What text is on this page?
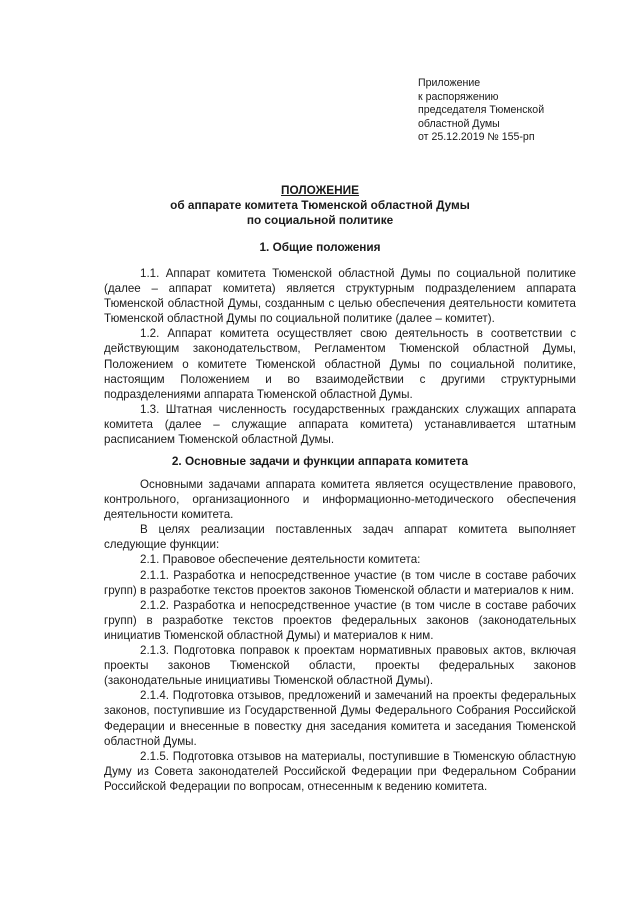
Приложение
к распоряжению
председателя Тюменской
областной Думы
от 25.12.2019 № 155-рп
ПОЛОЖЕНИЕ
об аппарате комитета Тюменской областной Думы
по социальной политике
1. Общие положения

1.1. Аппарат комитета Тюменской областной Думы по социальной политике (далее – аппарат комитета) является структурным подразделением аппарата Тюменской областной Думы, созданным с целью обеспечения деятельности комитета Тюменской областной Думы по социальной политике (далее – комитет).

1.2. Аппарат комитета осуществляет свою деятельность в соответствии с действующим законодательством, Регламентом Тюменской областной Думы, Положением о комитете Тюменской областной Думы по социальной политике, настоящим Положением и во взаимодействии с другими структурными подразделениями аппарата Тюменской областной Думы.

1.3. Штатная численность государственных гражданских служащих аппарата комитета (далее – служащие аппарата комитета) устанавливается штатным расписанием Тюменской областной Думы.

2. Основные задачи и функции аппарата комитета

Основными задачами аппарата комитета является осуществление правового, контрольного, организационного и информационно-методического обеспечения деятельности комитета.

В целях реализации поставленных задач аппарат комитета выполняет следующие функции:

2.1. Правовое обеспечение деятельности комитета:

2.1.1. Разработка и непосредственное участие (в том числе в составе рабочих групп) в разработке текстов проектов законов Тюменской области и материалов к ним.

2.1.2. Разработка и непосредственное участие (в том числе в составе рабочих групп) в разработке текстов проектов федеральных законов (законодательных инициатив Тюменской областной Думы) и материалов к ним.

2.1.3. Подготовка поправок к проектам нормативных правовых актов, включая проекты законов Тюменской области, проекты федеральных законов (законодательные инициативы Тюменской областной Думы).

2.1.4. Подготовка отзывов, предложений и замечаний на проекты федеральных законов, поступившие из Государственной Думы Федерального Собрания Российской Федерации и внесенные в повестку дня заседания комитета и заседания Тюменской областной Думы.

2.1.5. Подготовка отзывов на материалы, поступившие в Тюменскую областную Думу из Совета законодателей Российской Федерации при Федеральном Собрании Российской Федерации по вопросам, отнесенным к ведению комитета.
